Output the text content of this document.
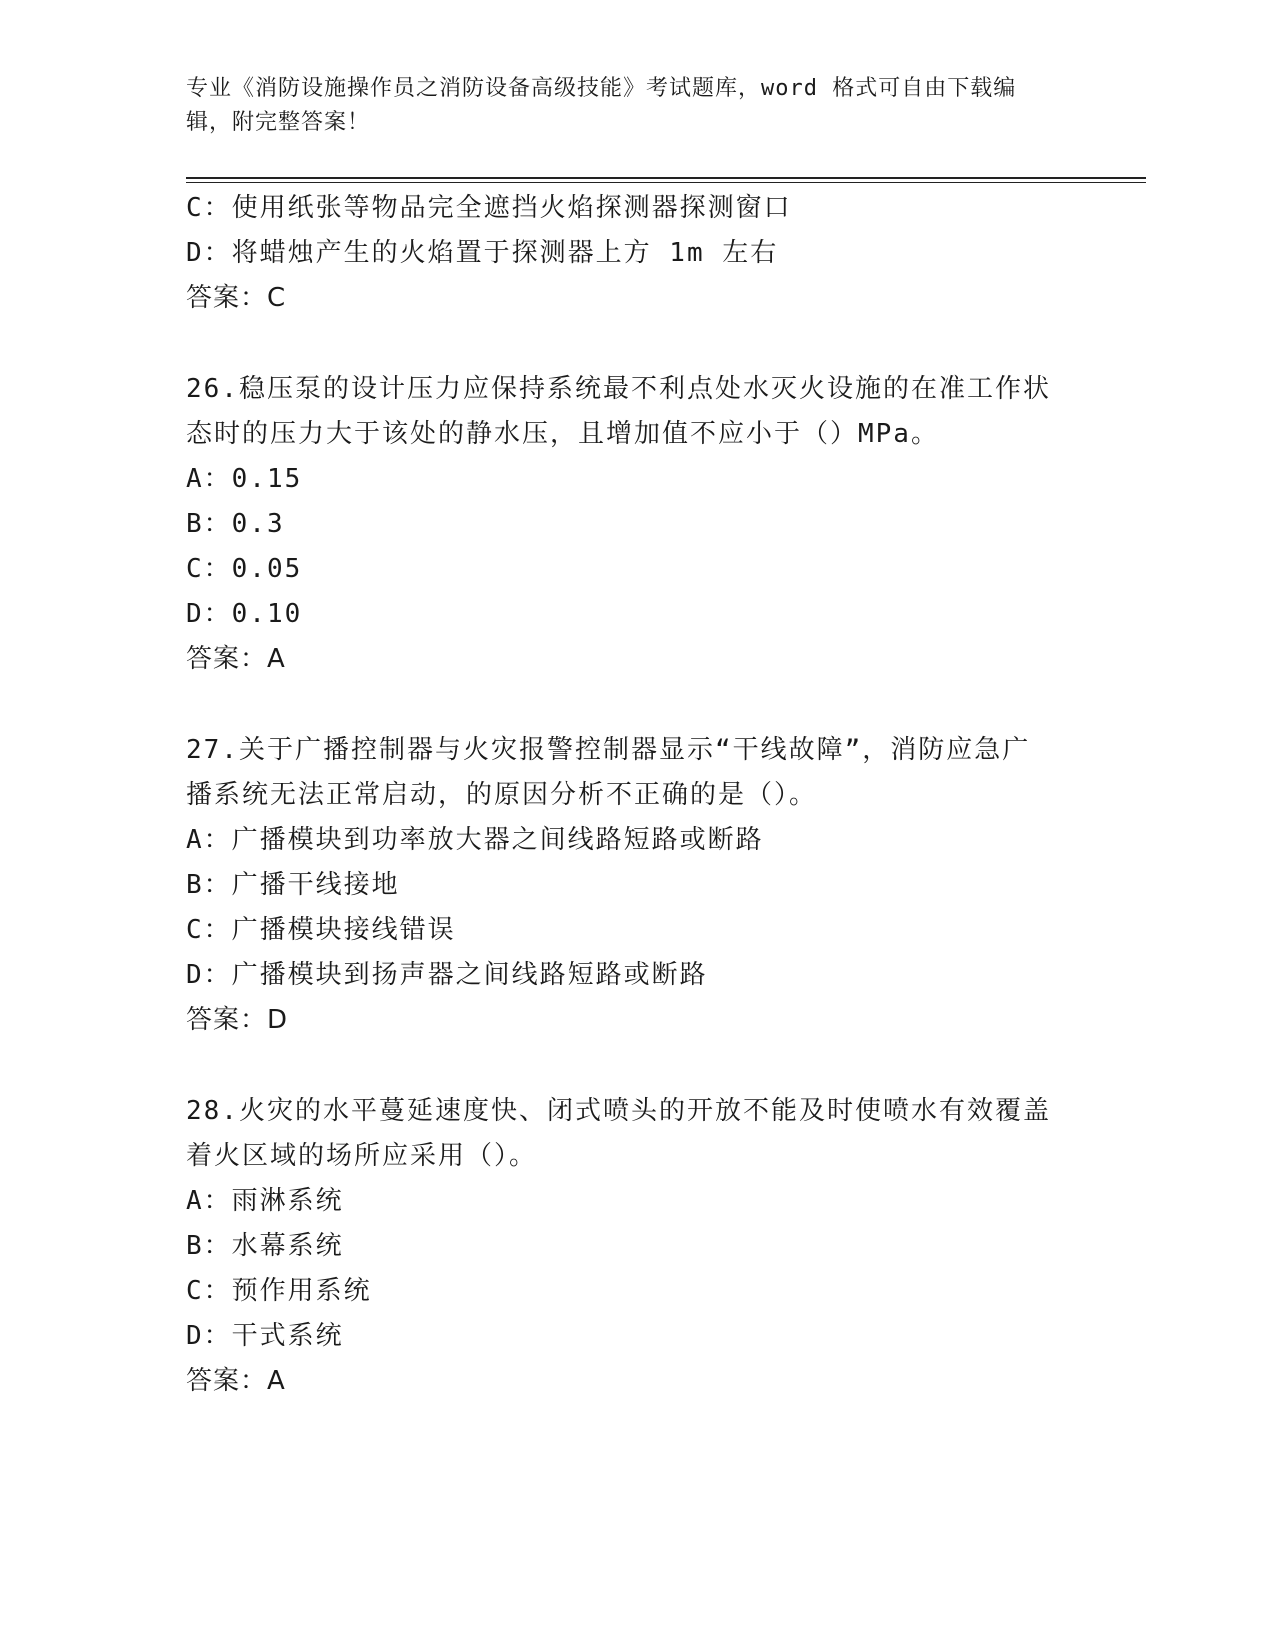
专业《消防设施操作员之消防设备高级技能》考试题库，word 格式可自由下载编
辑，附完整答案！
C：使用纸张等物品完全遮挡火焰探测器探测窗口
D：将蜡烛产生的火焰置于探测器上方 1m 左右
答案：C
26.稳压泵的设计压力应保持系统最不利点处水灭火设施的在准工作状
态时的压力大于该处的静水压，且增加值不应小于（）MPa。
A：0.15
B：0.3
C：0.05
D：0.10
答案：A
27.关于广播控制器与火灾报警控制器显示“干线故障”，消防应急广
播系统无法正常启动，的原因分析不正确的是（）。
A：广播模块到功率放大器之间线路短路或断路
B：广播干线接地
C：广播模块接线错误
D：广播模块到扬声器之间线路短路或断路
答案：D
28.火灾的水平蔓延速度快、闭式喷头的开放不能及时使喷水有效覆盖
着火区域的场所应采用（）。
A：雨淋系统
B：水幕系统
C：预作用系统
D：干式系统
答案：A
